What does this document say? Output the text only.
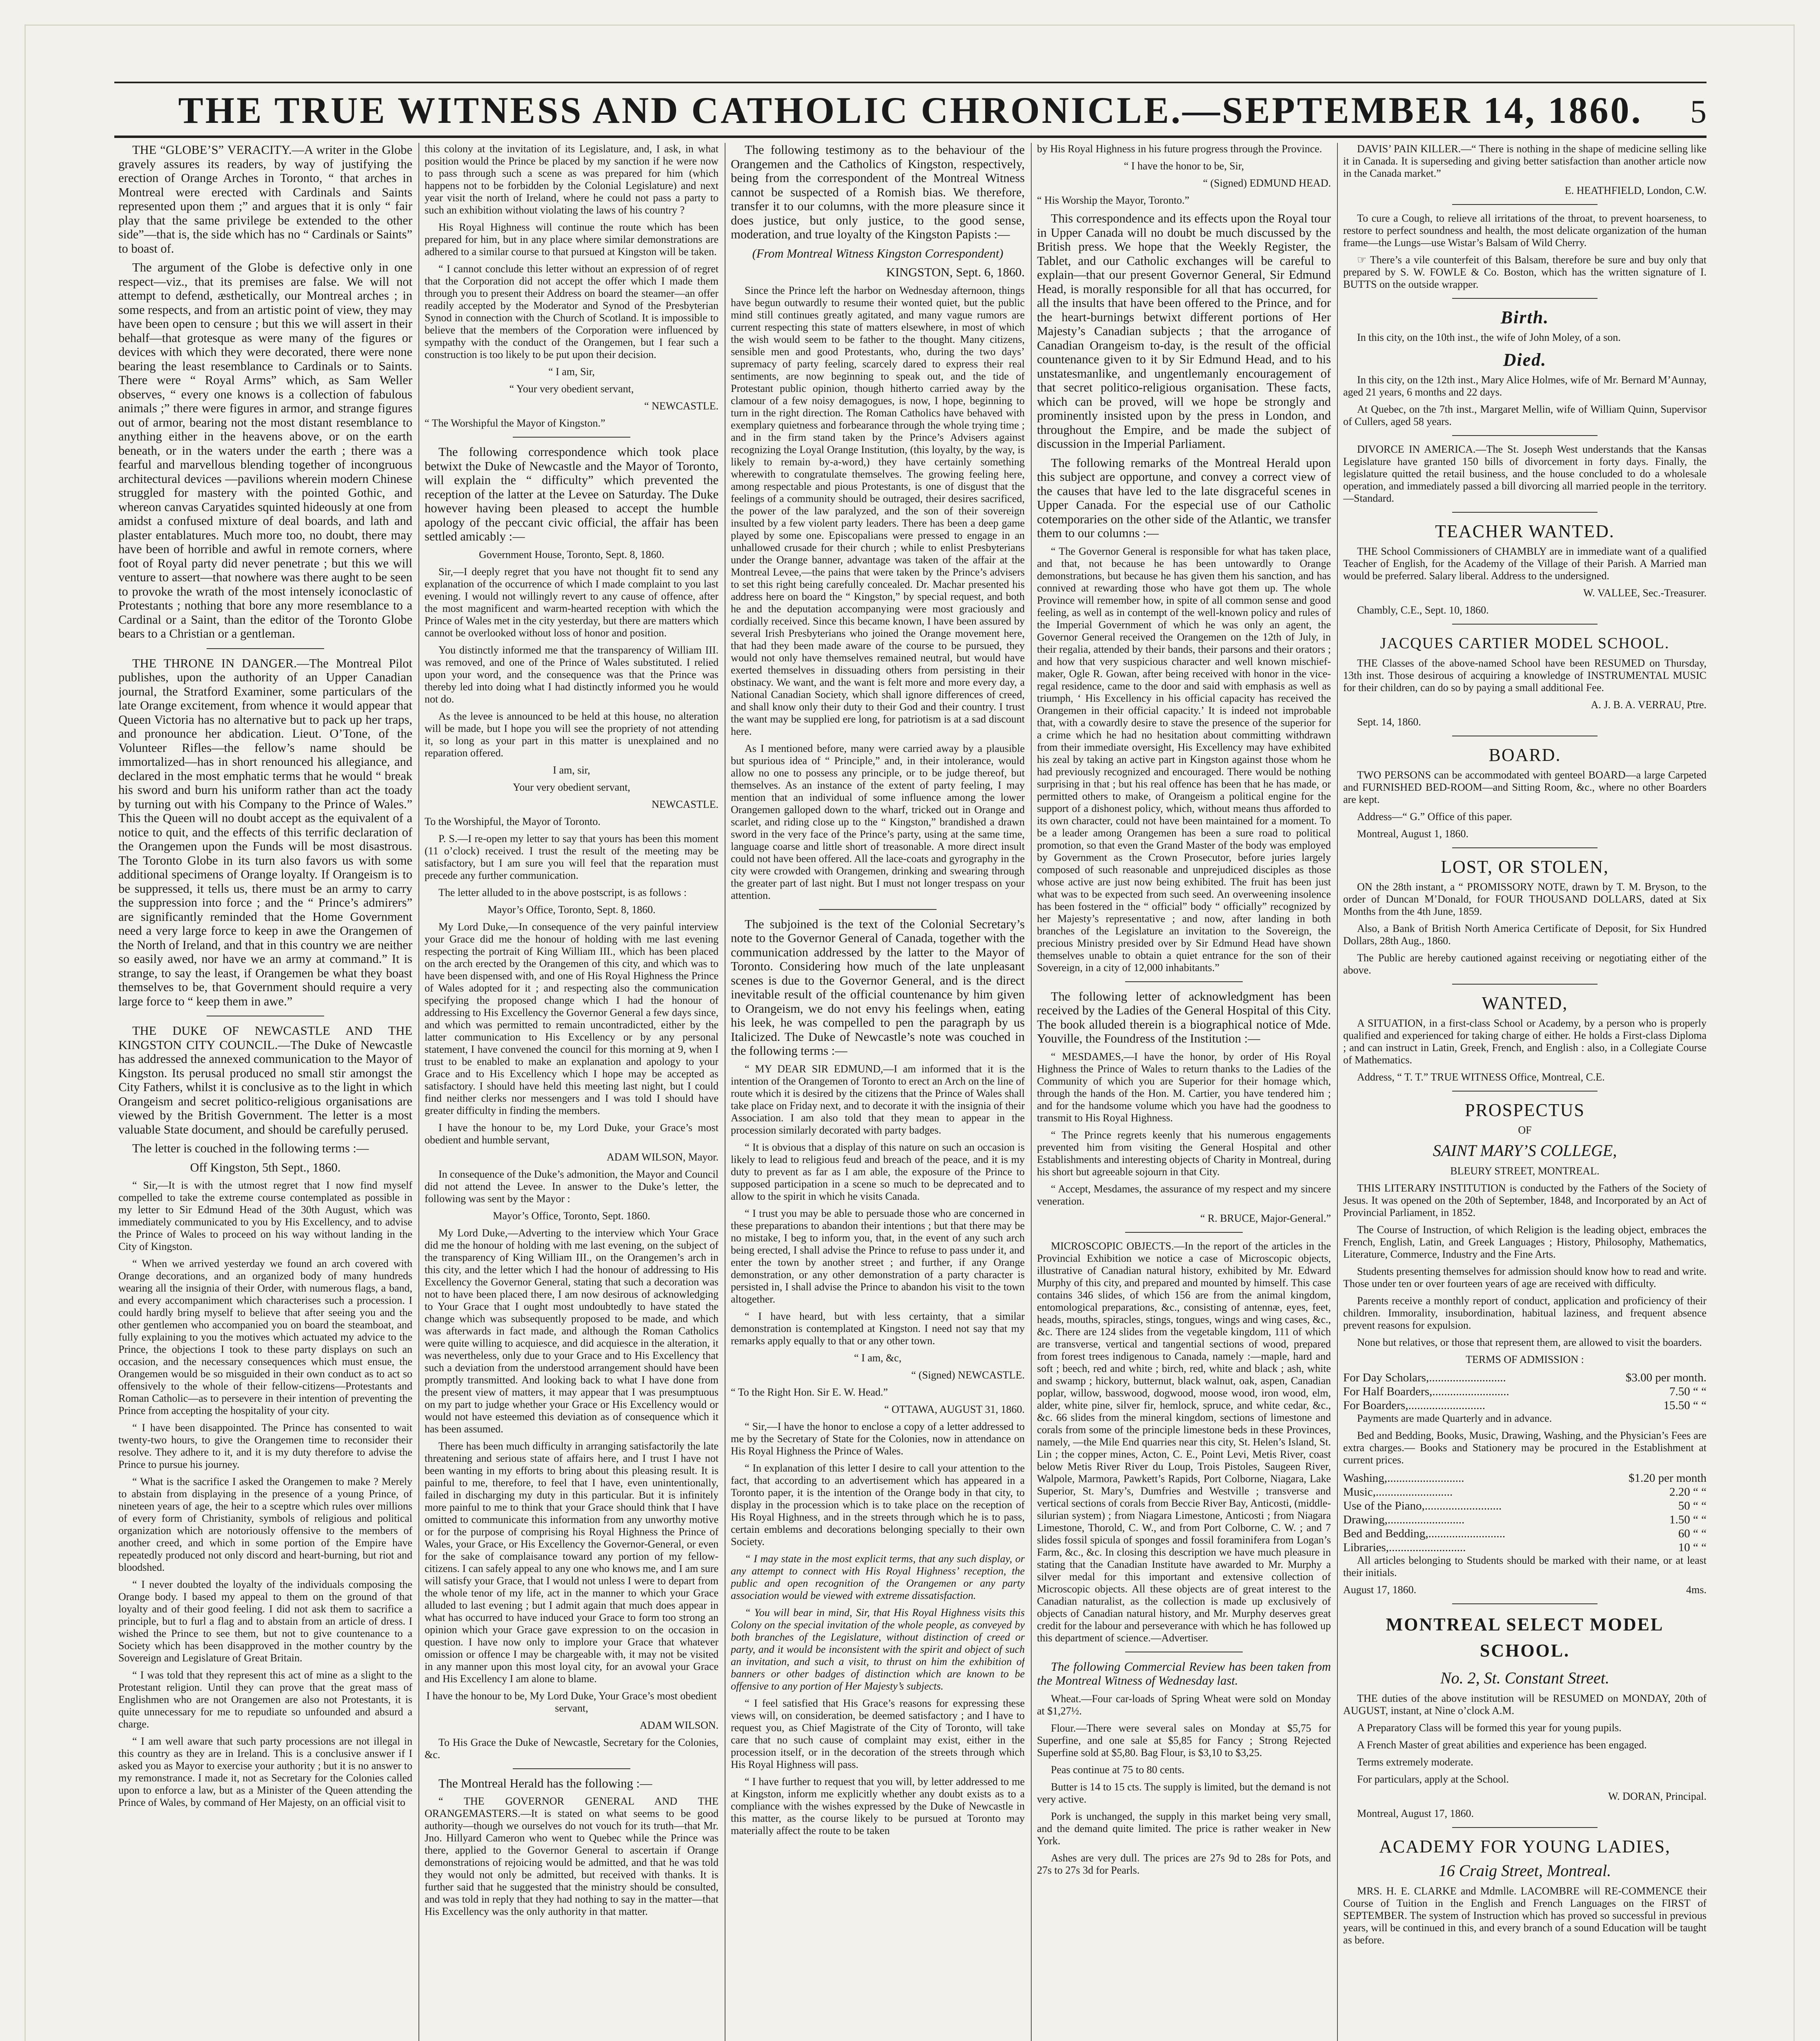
THE TRUE WITNESS AND CATHOLIC CHRONICLE.—SEPTEMBER 14, 1860.	5

THE “GLOBE’S” VERACITY.—A writer in the Globe gravely assures its readers, by way of justifying the erection of Orange Arches in Toronto, “ that arches in Montreal were erected with Cardinals and Saints represented upon them ;” and argues that it is only “ fair play that the same privilege be extended to the other side”—that is, the side which has no “ Cardinals or Saints” to boast of.

The argument of the Globe is defective only in one respect—viz., that its premises are false. We will not attempt to defend, æsthetically, our Montreal arches ; in some respects, and from an artistic point of view, they may have been open to censure ; but this we will assert in their behalf—that grotesque as were many of the figures or devices with which they were decorated, there were none bearing the least resemblance to Cardinals or to Saints. There were “ Royal Arms” which, as Sam Weller observes, “ every one knows is a collection of fabulous animals ;” there were figures in armor, and strange figures out of armor, bearing not the most distant resemblance to anything either in the heavens above, or on the earth beneath, or in the waters under the earth ; there was a fearful and marvellous blending together of incongruous architectural devices —pavilions wherein modern Chinese struggled for mastery with the pointed Gothic, and whereon canvas Caryatides squinted hideously at one from amidst a confused mixture of deal boards, and lath and plaster entablatures. Much more too, no doubt, there may have been of horrible and awful in remote corners, where foot of Royal party did never penetrate ; but this we will venture to assert—that nowhere was there aught to be seen to provoke the wrath of the most intensely iconoclastic of Protestants ; nothing that bore any more resemblance to a Cardinal or a Saint, than the editor of the Toronto Globe bears to a Christian or a gentleman.

THE THRONE IN DANGER.—The Montreal Pilot publishes, upon the authority of an Upper Canadian journal, the Stratford Examiner, some particulars of the late Orange excitement, from whence it would appear that Queen Victoria has no alternative but to pack up her traps, and pronounce her abdication. Lieut. O’Tone, of the Volunteer Rifles—the fellow’s name should be immortalized—has in short renounced his allegiance, and declared in the most emphatic terms that he would “ break his sword and burn his uniform rather than act the toady by turning out with his Company to the Prince of Wales.” This the Queen will no doubt accept as the equivalent of a notice to quit, and the effects of this terrific declaration of the Orangemen upon the Funds will be most disastrous. The Toronto Globe in its turn also favors us with some additional specimens of Orange loyalty. If Orangeism is to be suppressed, it tells us, there must be an army to carry the suppression into force ; and the “ Prince’s admirers” are significantly reminded that the Home Government need a very large force to keep in awe the Orangemen of the North of Ireland, and that in this country we are neither so easily awed, nor have we an army at command.” It is strange, to say the least, if Orangemen be what they boast themselves to be, that Government should require a very large force to “ keep them in awe.”

THE DUKE OF NEWCASTLE AND THE KINGSTON CITY COUNCIL.—The Duke of Newcastle has addressed the annexed communication to the Mayor of Kingston. Its perusal produced no small stir amongst the City Fathers, whilst it is conclusive as to the light in which Orangeism and secret politico-religious organisations are viewed by the British Government. The letter is a most valuable State document, and should be carefully perused.

The letter is couched in the following terms :—

Off Kingston, 5th Sept., 1860.

“ Sir,—It is with the utmost regret that I now find myself compelled to take the extreme course contemplated as possible in my letter to Sir Edmund Head of the 30th August, which was immediately communicated to you by His Excellency, and to advise the Prince of Wales to proceed on his way without landing in the City of Kingston.

“ When we arrived yesterday we found an arch covered with Orange decorations, and an organized body of many hundreds wearing all the insignia of their Order, with numerous flags, a band, and every accompaniment which characterises such a procession. I could hardly bring myself to believe that after seeing you and the other gentlemen who accompanied you on board the steamboat, and fully explaining to you the motives which actuated my advice to the Prince, the objections I took to these party displays on such an occasion, and the necessary consequences which must ensue, the Orangemen would be so misguided in their own conduct as to act so offensively to the whole of their fellow-citizens—Protestants and Roman Catholic—as to persevere in their intention of preventing the Prince from accepting the hospitality of your city.

“ I have been disappointed. The Prince has consented to wait twenty-two hours, to give the Orangemen time to reconsider their resolve. They adhere to it, and it is my duty therefore to advise the Prince to pursue his journey.

“ What is the sacrifice I asked the Orangemen to make ? Merely to abstain from displaying in the presence of a young Prince, of nineteen years of age, the heir to a sceptre which rules over millions of every form of Christianity, symbols of religious and political organization which are notoriously offensive to the members of another creed, and which in some portion of the Empire have repeatedly produced not only discord and heart-burning, but riot and bloodshed.

“ I never doubted the loyalty of the individuals composing the Orange body. I based my appeal to them on the ground of that loyalty and of their good feeling. I did not ask them to sacrifice a principle, but to furl a flag and to abstain from an article of dress. I wished the Prince to see them, but not to give countenance to a Society which has been disapproved in the mother country by the Sovereign and Legislature of Great Britain.

“ I was told that they represent this act of mine as a slight to the Protestant religion. Until they can prove that the great mass of Englishmen who are not Orangemen are also not Protestants, it is quite unnecessary for me to repudiate so unfounded and absurd a charge.

“ I am well aware that such party processions are not illegal in this country as they are in Ireland. This is a conclusive answer if I asked you as Mayor to exercise your authority ; but it is no answer to my remonstrance. I made it, not as Secretary for the Colonies called upon to enforce a law, but as a Minister of the Queen attending the Prince of Wales, by command of Her Majesty, on an official visit to

this colony at the invitation of its Legislature, and, I ask, in what position would the Prince be placed by my sanction if he were now to pass through such a scene as was prepared for him (which happens not to be forbidden by the Colonial Legislature) and next year visit the north of Ireland, where he could not pass a party to such an exhibition without violating the laws of his country ?

His Royal Highness will continue the route which has been prepared for him, but in any place where similar demonstrations are adhered to a similar course to that pursued at Kingston will be taken.

“ I cannot conclude this letter without an expression of of regret that the Corporation did not accept the offer which I made them through you to present their Address on board the steamer—an offer readily accepted by the Moderator and Synod of the Presbyterian Synod in connection with the Church of Scotland. It is impossible to believe that the members of the Corporation were influenced by sympathy with the conduct of the Orangemen, but I fear such a construction is too likely to be put upon their decision.

“ I am, Sir,

“ Your very obedient servant,

“ NEWCASTLE.

“ The Worshipful the Mayor of Kingston.”

The following correspondence which took place betwixt the Duke of Newcastle and the Mayor of Toronto, will explain the “ difficulty” which prevented the reception of the latter at the Levee on Saturday. The Duke however having been pleased to accept the humble apology of the peccant civic official, the affair has been settled amicably :—

Government House, Toronto, Sept. 8, 1860.

Sir,—I deeply regret that you have not thought fit to send any explanation of the occurrence of which I made complaint to you last evening. I would not willingly revert to any cause of offence, after the most magnificent and warm-hearted reception with which the Prince of Wales met in the city yesterday, but there are matters which cannot be overlooked without loss of honor and position.

You distinctly informed me that the transparency of William III. was removed, and one of the Prince of Wales substituted. I relied upon your word, and the consequence was that the Prince was thereby led into doing what I had distinctly informed you he would not do.

As the levee is announced to be held at this house, no alteration will be made, but I hope you will see the propriety of not attending it, so long as your part in this matter is unexplained and no reparation offered.

I am, sir,

Your very obedient servant,

NEWCASTLE.

To the Worshipful, the Mayor of Toronto.

P. S.—I re-open my letter to say that yours has been this moment (11 o’clock) received. I trust the result of the meeting may be satisfactory, but I am sure you will feel that the reparation must precede any further communication.

The letter alluded to in the above postscript, is as follows :

Mayor’s Office, Toronto, Sept. 8, 1860.

My Lord Duke,—In consequence of the very painful interview your Grace did me the honour of holding with me last evening respecting the portrait of King William III., which has been placed on the arch erected by the Orangemen of this city, and which was to have been dispensed with, and one of His Royal Highness the Prince of Wales adopted for it ; and respecting also the communication specifying the proposed change which I had the honour of addressing to His Excellency the Governor General a few days since, and which was permitted to remain uncontradicted, either by the latter communication to His Excellency or by any personal statement, I have convened the council for this morning at 9, when I trust to be enabled to make an explanation and apology to your Grace and to His Excellency which I hope may be accepted as satisfactory. I should have held this meeting last night, but I could find neither clerks nor messengers and I was told I should have greater difficulty in finding the members.

I have the honour to be, my Lord Duke, your Grace’s most obedient and humble servant,

ADAM WILSON, Mayor.

In consequence of the Duke’s admonition, the Mayor and Council did not attend the Levee. In answer to the Duke’s letter, the following was sent by the Mayor :

Mayor’s Office, Toronto, Sept. 1860.

My Lord Duke,—Adverting to the interview which Your Grace did me the honour of holding with me last evening, on the subject of the transparency of King William III., on the Orangemen’s arch in this city, and the letter which I had the honour of addressing to His Excellency the Governor General, stating that such a decoration was not to have been placed there, I am now desirous of acknowledging to Your Grace that I ought most undoubtedly to have stated the change which was subsequently proposed to be made, and which was afterwards in fact made, and although the Roman Catholics were quite willing to acquiesce, and did acquiesce in the alteration, it was nevertheless, only due to your Grace and to His Excellency that such a deviation from the understood arrangement should have been promptly transmitted. And looking back to what I have done from the present view of matters, it may appear that I was presumptuous on my part to judge whether your Grace or His Excellency would or would not have esteemed this deviation as of consequence which it has been assumed.

There has been much difficulty in arranging satisfactorily the late threatening and serious state of affairs here, and I trust I have not been wanting in my efforts to bring about this pleasing result. It is painful to me, therefore, to feel that I have, even unintentionally, failed in discharging my duty in this particular. But it is infinitely more painful to me to think that your Grace should think that I have omitted to communicate this information from any unworthy motive or for the purpose of comprising his Royal Highness the Prince of Wales, your Grace, or His Excellency the Governor-General, or even for the sake of complaisance toward any portion of my fellow-citizens. I can safely appeal to any one who knows me, and I am sure will satisfy your Grace, that I would not unless I were to depart from the whole tenor of my life, act in the manner to which your Grace alluded to last evening ; but I admit again that much does appear in what has occurred to have induced your Grace to form too strong an opinion which your Grace gave expression to on the occasion in question. I have now only to implore your Grace that whatever omission or offence I may be chargeable with, it may not be visited in any manner upon this most loyal city, for an avowal your Grace and His Excellency I am alone to blame.

I have the honour to be, My Lord Duke, Your Grace’s most obedient servant,

ADAM WILSON.

To His Grace the Duke of Newcastle, Secretary for the Colonies, &c.

The Montreal Herald has the following :—

“ THE GOVERNOR GENERAL AND THE ORANGEMASTERS.—It is stated on what seems to be good authority—though we ourselves do not vouch for its truth—that Mr. Jno. Hillyard Cameron who went to Quebec while the Prince was there, applied to the Governor General to ascertain if Orange demonstrations of rejoicing would be admitted, and that he was told they would not only be admitted, but received with thanks. It is further said that he suggested that the ministry should be consulted, and was told in reply that they had nothing to say in the matter—that His Excellency was the only authority in that matter.

The following testimony as to the behaviour of the Orangemen and the Catholics of Kingston, respectively, being from the correspondent of the Montreal Witness cannot be suspected of a Romish bias. We therefore, transfer it to our columns, with the more pleasure since it does justice, but only justice, to the good sense, moderation, and true loyalty of the Kingston Papists :—

(From Montreal Witness Kingston Correspondent)

KINGSTON, Sept. 6, 1860.

Since the Prince left the harbor on Wednesday afternoon, things have begun outwardly to resume their wonted quiet, but the public mind still continues greatly agitated, and many vague rumors are current respecting this state of matters elsewhere, in most of which the wish would seem to be father to the thought. Many citizens, sensible men and good Protestants, who, during the two days’ supremacy of party feeling, scarcely dared to express their real sentiments, are now beginning to speak out, and the tide of Protestant public opinion, though hitherto carried away by the clamour of a few noisy demagogues, is now, I hope, beginning to turn in the right direction. The Roman Catholics have behaved with exemplary quietness and forbearance through the whole trying time ; and in the firm stand taken by the Prince’s Advisers against recognizing the Loyal Orange Institution, (this loyalty, by the way, is likely to remain by-a-word,) they have certainly something wherewith to congratulate themselves. The growing feeling here, among respectable and pious Protestants, is one of disgust that the feelings of a community should be outraged, their desires sacrificed, the power of the law paralyzed, and the son of their sovereign insulted by a few violent party leaders. There has been a deep game played by some one. Episcopalians were pressed to engage in an unhallowed crusade for their church ; while to enlist Presbyterians under the Orange banner, advantage was taken of the affair at the Montreal Levee,—the pains that were taken by the Prince’s advisers to set this right being carefully concealed. Dr. Machar presented his address here on board the “ Kingston,” by special request, and both he and the deputation accompanying were most graciously and cordially received. Since this became known, I have been assured by several Irish Presbyterians who joined the Orange movement here, that had they been made aware of the course to be pursued, they would not only have themselves remained neutral, but would have exerted themselves in dissuading others from persisting in their obstinacy. We want, and the want is felt more and more every day, a National Canadian Society, which shall ignore differences of creed, and shall know only their duty to their God and their country. I trust the want may be supplied ere long, for patriotism is at a sad discount here.

As I mentioned before, many were carried away by a plausible but spurious idea of “ Principle,” and, in their intolerance, would allow no one to possess any principle, or to be judge thereof, but themselves. As an instance of the extent of party feeling, I may mention that an individual of some influence among the lower Orangemen galloped down to the wharf, tricked out in Orange and scarlet, and riding close up to the “ Kingston,” brandished a drawn sword in the very face of the Prince’s party, using at the same time, language coarse and little short of treasonable. A more direct insult could not have been offered. All the lace-coats and gyrography in the city were crowded with Orangemen, drinking and swearing through the greater part of last night. But I must not longer trespass on your attention.

The subjoined is the text of the Colonial Secretary’s note to the Governor General of Canada, together with the communication addressed by the latter to the Mayor of Toronto. Considering how much of the late unpleasant scenes is due to the Governor General, and is the direct inevitable result of the official countenance by him given to Orangeism, we do not envy his feelings when, eating his leek, he was compelled to pen the paragraph by us Italicized. The Duke of Newcastle’s note was couched in the following terms :—

“ MY DEAR SIR EDMUND,—I am informed that it is the intention of the Orangemen of Toronto to erect an Arch on the line of route which it is desired by the citizens that the Prince of Wales shall take place on Friday next, and to decorate it with the insignia of their Association. I am also told that they mean to appear in the procession similarly decorated with party badges.

“ It is obvious that a display of this nature on such an occasion is likely to lead to religious feud and breach of the peace, and it is my duty to prevent as far as I am able, the exposure of the Prince to supposed participation in a scene so much to be deprecated and to allow to the spirit in which he visits Canada.

“ I trust you may be able to persuade those who are concerned in these preparations to abandon their intentions ; but that there may be no mistake, I beg to inform you, that, in the event of any such arch being erected, I shall advise the Prince to refuse to pass under it, and enter the town by another street ; and further, if any Orange demonstration, or any other demonstration of a party character is persisted in, I shall advise the Prince to abandon his visit to the town altogether.

“ I have heard, but with less certainty, that a similar demonstration is contemplated at Kingston. I need not say that my remarks apply equally to that or any other town.

“ I am, &c,

“ (Signed) NEWCASTLE.

“ To the Right Hon. Sir E. W. Head.”

“ OTTAWA, AUGUST 31, 1860.

“ Sir,—I have the honor to enclose a copy of a letter addressed to me by the Secretary of State for the Colonies, now in attendance on His Royal Highness the Prince of Wales.

“ In explanation of this letter I desire to call your attention to the fact, that according to an advertisement which has appeared in a Toronto paper, it is the intention of the Orange body in that city, to display in the procession which is to take place on the reception of His Royal Highness, and in the streets through which he is to pass, certain emblems and decorations belonging specially to their own Society.

“ I may state in the most explicit terms, that any such display, or any attempt to connect with His Royal Highness’ reception, the public and open recognition of the Orangemen or any party association would be viewed with extreme dissatisfaction.

“ You will bear in mind, Sir, that His Royal Highness visits this Colony on the special invitation of the whole people, as conveyed by both branches of the Legislature, without distinction of creed or party, and it would be inconsistent with the spirit and object of such an invitation, and such a visit, to thrust on him the exhibition of banners or other badges of distinction which are known to be offensive to any portion of Her Majesty’s subjects.

“ I feel satisfied that His Grace’s reasons for expressing these views will, on consideration, be deemed satisfactory ; and I have to request you, as Chief Magistrate of the City of Toronto, will take care that no such cause of complaint may exist, either in the procession itself, or in the decoration of the streets through which His Royal Highness will pass.

“ I have further to request that you will, by letter addressed to me at Kingston, inform me explicitly whether any doubt exists as to a compliance with the wishes expressed by the Duke of Newcastle in this matter, as the course likely to be pursued at Toronto may materially affect the route to be taken

by His Royal Highness in his future progress through the Province.

“ I have the honor to be, Sir,

“ (Signed) EDMUND HEAD.

“ His Worship the Mayor, Toronto.”

This correspondence and its effects upon the Royal tour in Upper Canada will no doubt be much discussed by the British press. We hope that the Weekly Register, the Tablet, and our Catholic exchanges will be careful to explain—that our present Governor General, Sir Edmund Head, is morally responsible for all that has occurred, for all the insults that have been offered to the Prince, and for the heart-burnings betwixt different portions of Her Majesty’s Canadian subjects ; that the arrogance of Canadian Orangeism to-day, is the result of the official countenance given to it by Sir Edmund Head, and to his unstatesmanlike, and ungentlemanly encouragement of that secret politico-religious organisation. These facts, which can be proved, will we hope be strongly and prominently insisted upon by the press in London, and throughout the Empire, and be made the subject of discussion in the Imperial Parliament.

The following remarks of the Montreal Herald upon this subject are opportune, and convey a correct view of the causes that have led to the late disgraceful scenes in Upper Canada. For the especial use of our Catholic cotemporaries on the other side of the Atlantic, we transfer them to our columns :—

“ The Governor General is responsible for what has taken place, and that, not because he has been untowardly to Orange demonstrations, but because he has given them his sanction, and has connived at rewarding those who have got them up. The whole Province will remember how, in spite of all common sense and good feeling, as well as in contempt of the well-known policy and rules of the Imperial Government of which he was only an agent, the Governor General received the Orangemen on the 12th of July, in their regalia, attended by their bands, their parsons and their orators ; and how that very suspicious character and well known mischief-maker, Ogle R. Gowan, after being received with honor in the vice-regal residence, came to the door and said with emphasis as well as triumph, ‘ His Excellency in his official capacity has received the Orangemen in their official capacity.’ It is indeed not improbable that, with a cowardly desire to stave the presence of the superior for a crime which he had no hesitation about committing withdrawn from their immediate oversight, His Excellency may have exhibited his zeal by taking an active part in Kingston against those whom he had previously recognized and encouraged. There would be nothing surprising in that ; but his real offence has been that he has made, or permitted others to make, of Orangeism a political engine for the support of a dishonest policy, which, without means thus afforded to its own character, could not have been maintained for a moment. To be a leader among Orangemen has been a sure road to political promotion, so that even the Grand Master of the body was employed by Government as the Crown Prosecutor, before juries largely composed of such reasonable and unprejudiced disciples as those whose active are just now being exhibited. The fruit has been just what was to be expected from such seed. An overweening insolence has been fostered in the “ official” body “ officially” recognized by her Majesty’s representative ; and now, after landing in both branches of the Legislature an invitation to the Sovereign, the precious Ministry presided over by Sir Edmund Head have shown themselves unable to obtain a quiet entrance for the son of their Sovereign, in a city of 12,000 inhabitants.”

The following letter of acknowledgment has been received by the Ladies of the General Hospital of this City. The book alluded therein is a biographical notice of Mde. Youville, the Foundress of the Institution :—

“ MESDAMES,—I have the honor, by order of His Royal Highness the Prince of Wales to return thanks to the Ladies of the Community of which you are Superior for their homage which, through the hands of the Hon. M. Cartier, you have tendered him ; and for the handsome volume which you have had the goodness to transmit to His Royal Highness.

“ The Prince regrets keenly that his numerous engagements prevented him from visiting the General Hospital and other Establishments and interesting objects of Charity in Montreal, during his short but agreeable sojourn in that City.

“ Accept, Mesdames, the assurance of my respect and my sincere veneration.

“ R. BRUCE, Major-General.”

MICROSCOPIC OBJECTS.—In the report of the articles in the Provincial Exhibition we notice a case of Microscopic objects, illustrative of Canadian natural history, exhibited by Mr. Edward Murphy of this city, and prepared and mounted by himself. This case contains 346 slides, of which 156 are from the animal kingdom, entomological preparations, &c., consisting of antennæ, eyes, feet, heads, mouths, spiracles, stings, tongues, wings and wing cases, &c., &c. There are 124 slides from the vegetable kingdom, 111 of which are transverse, vertical and tangential sections of wood, prepared from forest trees indigenous to Canada, namely :—maple, hard and soft ; beech, red and white ; birch, red, white and black ; ash, white and swamp ; hickory, butternut, black walnut, oak, aspen, Canadian poplar, willow, basswood, dogwood, moose wood, iron wood, elm, alder, white pine, silver fir, hemlock, spruce, and white cedar, &c., &c. 66 slides from the mineral kingdom, sections of limestone and corals from some of the principle limestone beds in these Provinces, namely, —the Mile End quarries near this city, St. Helen’s Island, St. Lin ; the copper mines, Acton, C. E., Point Levi, Metis River, coast below Metis River River du Loup, Trois Pistoles, Saugeen River, Walpole, Marmora, Pawkett’s Rapids, Port Colborne, Niagara, Lake Superior, St. Mary’s, Dumfries and Westville ; transverse and vertical sections of corals from Beccie River Bay, Anticosti, (middle-silurian system) ; from Niagara Limestone, Anticosti ; from Niagara Limestone, Thorold, C. W., and from Port Colborne, C. W. ; and 7 slides fossil spicula of sponges and fossil foraminifera from Logan’s Farm, &c., &c. In closing this description we have much pleasure in stating that the Canadian Institute have awarded to Mr. Murphy a silver medal for this important and extensive collection of Microscopic objects. All these objects are of great interest to the Canadian naturalist, as the collection is made up exclusively of objects of Canadian natural history, and Mr. Murphy deserves great credit for the labour and perseverance with which he has followed up this department of science.—Advertiser.

The following Commercial Review has been taken from the Montreal Witness of Wednesday last.

Wheat.—Four car-loads of Spring Wheat were sold on Monday at $1,27½.

Flour.—There were several sales on Monday at $5,75 for Superfine, and one sale at $5,85 for Fancy ; Strong Rejected Superfine sold at $5,80. Bag Flour, is $3,10 to $3,25.

Peas continue at 75 to 80 cents.

Butter is 14 to 15 cts. The supply is limited, but the demand is not very active.

Pork is unchanged, the supply in this market being very small, and the demand quite limited. The price is rather weaker in New York.

Ashes are very dull. The prices are 27s 9d to 28s for Pots, and 27s to 27s 3d for Pearls.

DAVIS’ PAIN KILLER.—“ There is nothing in the shape of medicine selling like it in Canada. It is superseding and giving better satisfaction than another article now in the Canada market.”

E. HEATHFIELD, London, C.W.

To cure a Cough, to relieve all irritations of the throat, to prevent hoarseness, to restore to perfect soundness and health, the most delicate organization of the human frame—the Lungs—use Wistar’s Balsam of Wild Cherry.

☞ There’s a vile counterfeit of this Balsam, therefore be sure and buy only that prepared by S. W. FOWLE & Co. Boston, which has the written signature of I. BUTTS on the outside wrapper.

Birth.

In this city, on the 10th inst., the wife of John Moley, of a son.

Died.

In this city, on the 12th inst., Mary Alice Holmes, wife of Mr. Bernard M’Aunnay, aged 21 years, 6 months and 22 days.

At Quebec, on the 7th inst., Margaret Mellin, wife of William Quinn, Supervisor of Cullers, aged 58 years.

DIVORCE IN AMERICA.—The St. Joseph West understands that the Kansas Legislature have granted 150 bills of divorcement in forty days. Finally, the legislature quitted the retail business, and the house concluded to do a wholesale operation, and immediately passed a bill divorcing all married people in the territory.—Standard.

TEACHER WANTED.

THE School Commissioners of CHAMBLY are in immediate want of a qualified Teacher of English, for the Academy of the Village of their Parish. A Married man would be preferred. Salary liberal. Address to the undersigned.

W. VALLEE, Sec.-Treasurer.

Chambly, C.E., Sept. 10, 1860.

JACQUES CARTIER MODEL SCHOOL.

THE Classes of the above-named School have been RESUMED on Thursday, 13th inst. Those desirous of acquiring a knowledge of INSTRUMENTAL MUSIC for their children, can do so by paying a small additional Fee.

A. J. B. A. VERRAU, Ptre.

Sept. 14, 1860.

BOARD.

TWO PERSONS can be accommodated with genteel BOARD—a large Carpeted and FURNISHED BED-ROOM—and Sitting Room, &c., where no other Boarders are kept.

Address—“ G.” Office of this paper.

Montreal, August 1, 1860.

LOST, OR STOLEN,

ON the 28th instant, a “ PROMISSORY NOTE, drawn by T. M. Bryson, to the order of Duncan M’Donald, for FOUR THOUSAND DOLLARS, dated at Six Months from the 4th June, 1859.

Also, a Bank of British North America Certificate of Deposit, for Six Hundred Dollars, 28th Aug., 1860.

The Public are hereby cautioned against receiving or negotiating either of the above.

WANTED,

A SITUATION, in a first-class School or Academy, by a person who is properly qualified and experienced for taking charge of either. He holds a First-class Diploma ; and can instruct in Latin, Greek, French, and English : also, in a Collegiate Course of Mathematics.

Address, “ T. T.” TRUE WITNESS Office, Montreal, C.E.

PROSPECTUS
OF
SAINT MARY’S COLLEGE,

BLEURY STREET, MONTREAL.

THIS LITERARY INSTITUTION is conducted by the Fathers of the Society of Jesus. It was opened on the 20th of September, 1848, and Incorporated by an Act of Provincial Parliament, in 1852.

The Course of Instruction, of which Religion is the leading object, embraces the French, English, Latin, and Greek Languages ; History, Philosophy, Mathematics, Literature, Commerce, Industry and the Fine Arts.

Students presenting themselves for admission should know how to read and write. Those under ten or over fourteen years of age are received with difficulty.

Parents receive a monthly report of conduct, application and proficiency of their children. Immorality, insubordination, habitual laziness, and frequent absence prevent reasons for expulsion.

None but relatives, or those that represent them, are allowed to visit the boarders.

TERMS OF ADMISSION :

For Day Scholars,..........................	$3.00 per month.
For Half Boarders,..........................	7.50 “ “
For Boarders,..........................	15.50 “ “

Payments are made Quarterly and in advance.

Bed and Bedding, Books, Music, Drawing, Washing, and the Physician’s Fees are extra charges.— Books and Stationery may be procured in the Establishment at current prices.

Washing,..........................	$1.20 per month
Music,..........................	2.20 “ “
Use of the Piano,..........................	50 “ “
Drawing,..........................	1.50 “ “
Bed and Bedding,..........................	60 “ “
Libraries,..........................	10 “ “

All articles belonging to Students should be marked with their name, or at least their initials.

August 17, 1860.	4ms.

MONTREAL SELECT MODEL SCHOOL.
No. 2, St. Constant Street.

THE duties of the above institution will be RESUMED on MONDAY, 20th of AUGUST, instant, at Nine o’clock A.M.

A Preparatory Class will be formed this year for young pupils.

A French Master of great abilities and experience has been engaged.

Terms extremely moderate.

For particulars, apply at the School.

W. DORAN, Principal.

Montreal, August 17, 1860.

ACADEMY FOR YOUNG LADIES,
16 Craig Street, Montreal.

MRS. H. E. CLARKE and Mdmlle. LACOMBRE will RE-COMMENCE their Course of Tuition in the English and French Languages on the FIRST of SEPTEMBER. The system of Instruction which has proved so successful in previous years, will be continued in this, and every branch of a sound Education will be taught as before.
